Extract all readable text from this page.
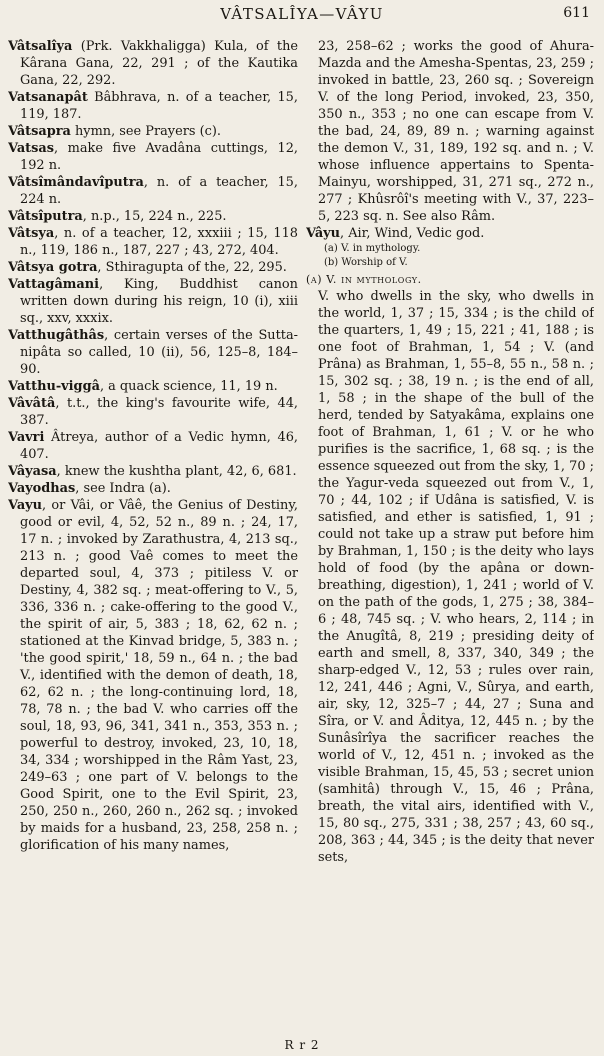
VÂTSALÎYA—VÂYU	611

Vâtsalîya (Prk. Vakkhaligga) Kula, of the Kârana Gana, 22, 291 ; of the Kautika Gana, 22, 292.

Vatsanapât Bâbhrava, n. of a teacher, 15, 119, 187.

Vâtsapra hymn, see Prayers (c).

Vatsas, make five Avadâna cuttings, 12, 192 n.

Vâtsîmândavîputra, n. of a teacher, 15, 224 n.

Vâtsîputra, n.p., 15, 224 n., 225.

Vâtsya, n. of a teacher, 12, xxxiii ; 15, 118 n., 119, 186 n., 187, 227 ; 43, 272, 404.

Vâtsya gotra, Sthiragupta of the, 22, 295.

Vattagâmani, King, Buddhist canon written down during his reign, 10 (i), xiii sq., xxv, xxxix.

Vatthugâthâs, certain verses of the Sutta-nipâta so called, 10 (ii), 56, 125–8, 184–90.

Vatthu-viggâ, a quack science, 11, 19 n.

Vâvâtâ, t.t., the king's favourite wife, 44, 387.

Vavri Âtreya, author of a Vedic hymn, 46, 407.

Vâyasa, knew the kushtha plant, 42, 6, 681.

Vayodhas, see Indra (a).

Vayu, or Vâi, or Vâê, the Genius of Destiny, good or evil, 4, 52, 52 n., 89 n. ; 24, 17, 17 n. ; invoked by Zarathustra, 4, 213 sq., 213 n. ; good Vaê comes to meet the departed soul, 4, 373 ; pitiless V. or Destiny, 4, 382 sq. ; meat-offering to V., 5, 336, 336 n. ; cake-offering to the good V., the spirit of air, 5, 383 ; 18, 62, 62 n. ; stationed at the Kinvad bridge, 5, 383 n. ; 'the good spirit,' 18, 59 n., 64 n. ; the bad V., identified with the demon of death, 18, 62, 62 n. ; the long-continuing lord, 18, 78, 78 n. ; the bad V. who carries off the soul, 18, 93, 96, 341, 341 n., 353, 353 n. ; powerful to destroy, invoked, 23, 10, 18, 34, 334 ; worshipped in the Râm Yast, 23, 249–63 ; one part of V. belongs to the Good Spirit, one to the Evil Spirit, 23, 250, 250 n., 260, 260 n., 262 sq. ; invoked by maids for a husband, 23, 258, 258 n. ; glorification of his many names,

23, 258–62 ; works the good of Ahura-Mazda and the Amesha-Spentas, 23, 259 ; invoked in battle, 23, 260 sq. ; Sovereign V. of the long Period, invoked, 23, 350, 350 n., 353 ; no one can escape from V. the bad, 24, 89, 89 n. ; warning against the demon V., 31, 189, 192 sq. and n. ; V. whose influence appertains to Spenta-Mainyu, worshipped, 31, 271 sq., 272 n., 277 ; Khûsrôî's meeting with V., 37, 223–5, 223 sq. n. See also Râm.

Vâyu, Air, Wind, Vedic god.

(a) V. in mythology.
(b) Worship of V.

(a) V. in mythology.

V. who dwells in the sky, who dwells in the world, 1, 37 ; 15, 334 ; is the child of the quarters, 1, 49 ; 15, 221 ; 41, 188 ; is one foot of Brahman, 1, 54 ; V. (and Prâna) as Brahman, 1, 55–8, 55 n., 58 n. ; 15, 302 sq. ; 38, 19 n. ; is the end of all, 1, 58 ; in the shape of the bull of the herd, tended by Satyakâma, explains one foot of Brahman, 1, 61 ; V. or he who purifies is the sacrifice, 1, 68 sq. ; is the essence squeezed out from the sky, 1, 70 ; the Yagur-veda squeezed out from V., 1, 70 ; 44, 102 ; if Udâna is satisfied, V. is satisfied, and ether is satisfied, 1, 91 ; could not take up a straw put before him by Brahman, 1, 150 ; is the deity who lays hold of food (by the apâna or down-breathing, digestion), 1, 241 ; world of V. on the path of the gods, 1, 275 ; 38, 384–6 ; 48, 745 sq. ; V. who hears, 2, 114 ; in the Anugîtâ, 8, 219 ; presiding deity of earth and smell, 8, 337, 340, 349 ; the sharp-edged V., 12, 53 ; rules over rain, 12, 241, 446 ; Agni, V., Sûrya, and earth, air, sky, 12, 325–7 ; 44, 27 ; Suna and Sîra, or V. and Âditya, 12, 445 n. ; by the Sunâsîrîya the sacrificer reaches the world of V., 12, 451 n. ; invoked as the visible Brahman, 15, 45, 53 ; secret union (samhitâ) through V., 15, 46 ; Prâna, breath, the vital airs, identified with V., 15, 80 sq., 275, 331 ; 38, 257 ; 43, 60 sq., 208, 363 ; 44, 345 ; is the deity that never sets,

R r 2
